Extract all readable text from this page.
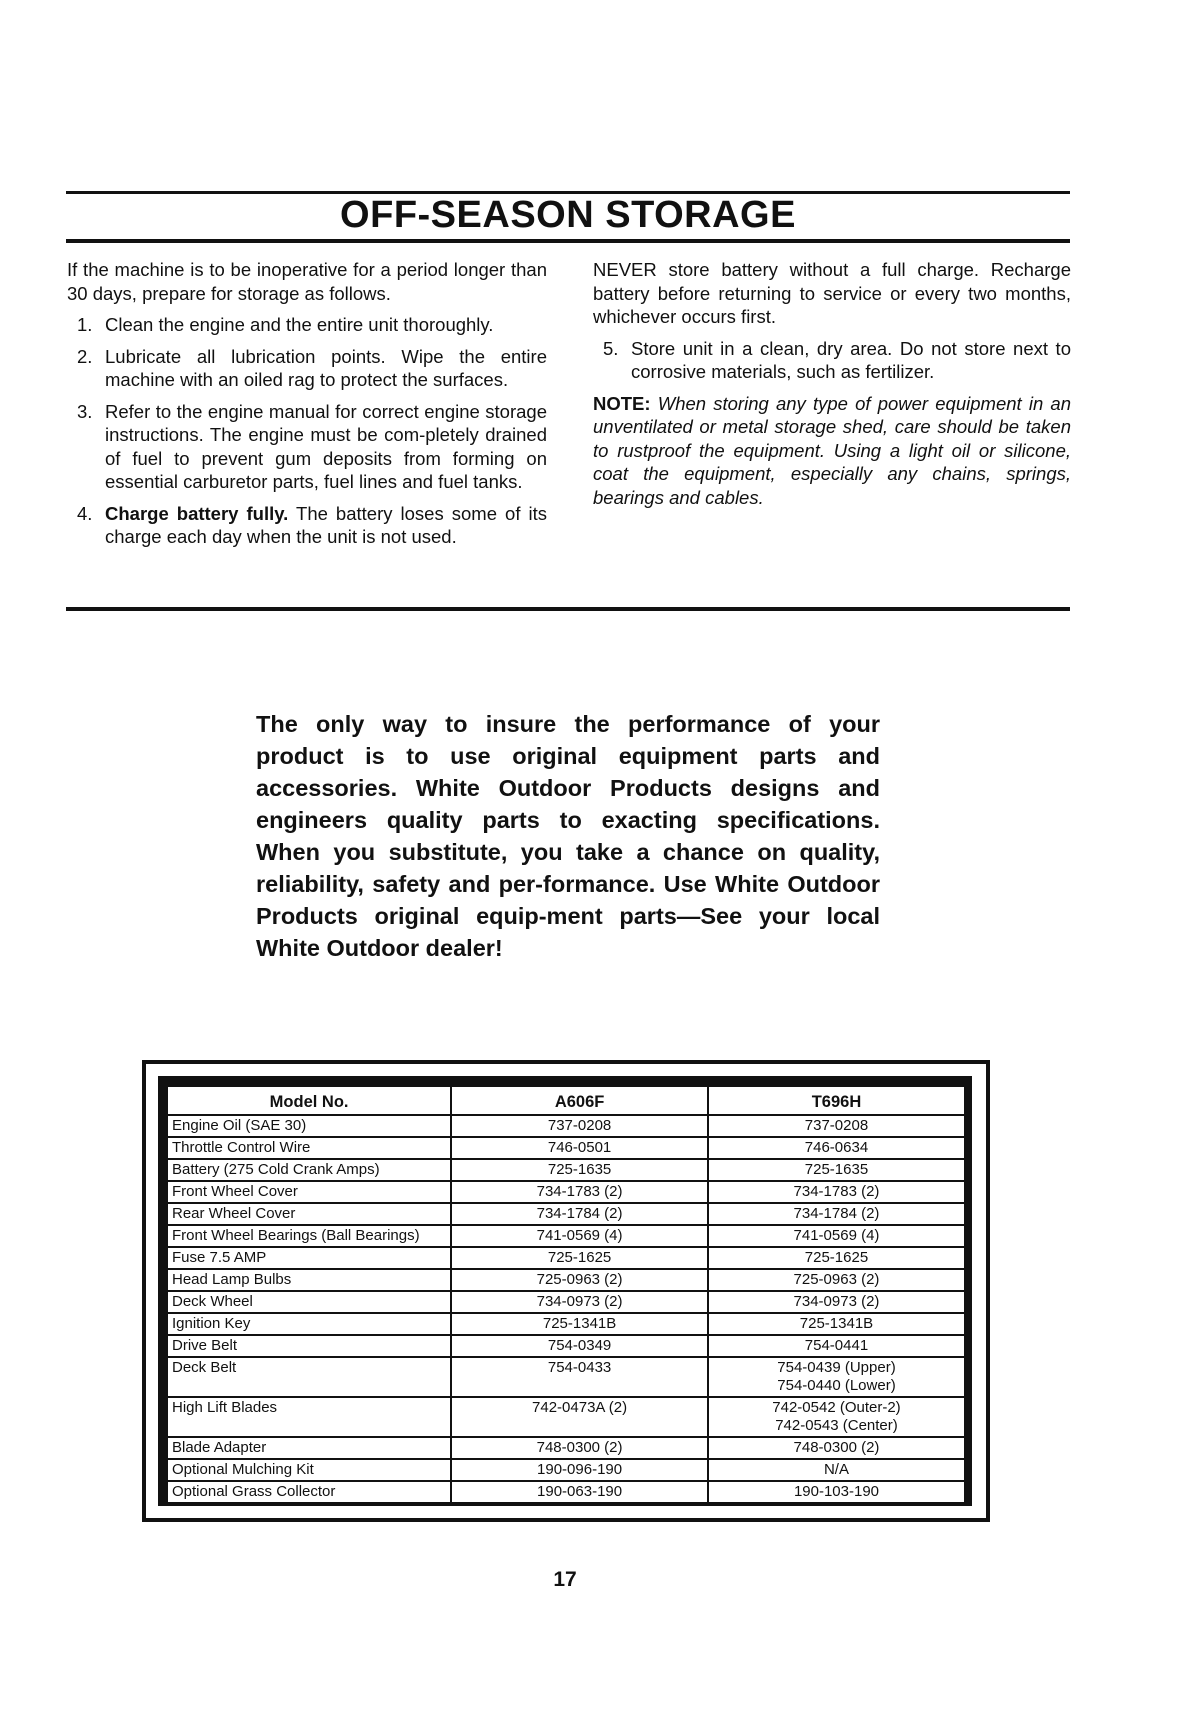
OFF-SEASON STORAGE

If the machine is to be inoperative for a period longer than 30 days, prepare for storage as follows.

1. Clean the engine and the entire unit thoroughly.
2. Lubricate all lubrication points. Wipe the entire machine with an oiled rag to protect the surfaces.
3. Refer to the engine manual for correct engine storage instructions. The engine must be com-pletely drained of fuel to prevent gum deposits from forming on essential carburetor parts, fuel lines and fuel tanks.
4. Charge battery fully. The battery loses some of its charge each day when the unit is not used.

NEVER store battery without a full charge. Recharge battery before returning to service or every two months, whichever occurs first.

5. Store unit in a clean, dry area. Do not store next to corrosive materials, such as fertilizer.

NOTE: When storing any type of power equipment in an unventilated or metal storage shed, care should be taken to rustproof the equipment. Using a light oil or silicone, coat the equipment, especially any chains, springs, bearings and cables.

The only way to insure the performance of your product is to use original equipment parts and accessories. White Outdoor Products designs and engineers quality parts to exacting specifications. When you substitute, you take a chance on quality, reliability, safety and per-formance. Use White Outdoor Products original equip-ment parts—See your local White Outdoor dealer!
Model No.	A606F	T696H
Engine Oil (SAE 30)	737-0208	737-0208
Throttle Control Wire	746-0501	746-0634
Battery (275 Cold Crank Amps)	725-1635	725-1635
Front Wheel Cover	734-1783 (2)	734-1783 (2)
Rear Wheel Cover	734-1784 (2)	734-1784 (2)
Front Wheel Bearings (Ball Bearings)	741-0569 (4)	741-0569 (4)
Fuse 7.5 AMP	725-1625	725-1625
Head Lamp Bulbs	725-0963 (2)	725-0963 (2)
Deck Wheel	734-0973 (2)	734-0973 (2)
Ignition Key	725-1341B	725-1341B
Drive Belt	754-0349	754-0441
Deck Belt	754-0433	754-0439 (Upper)
754-0440 (Lower)

High Lift Blades	742-0473A (2)	742-0542 (Outer-2)
742-0543 (Center)

Blade Adapter	748-0300 (2)	748-0300 (2)
Optional Mulching Kit	190-096-190	N/A
Optional Grass Collector	190-063-190	190-103-190
17
